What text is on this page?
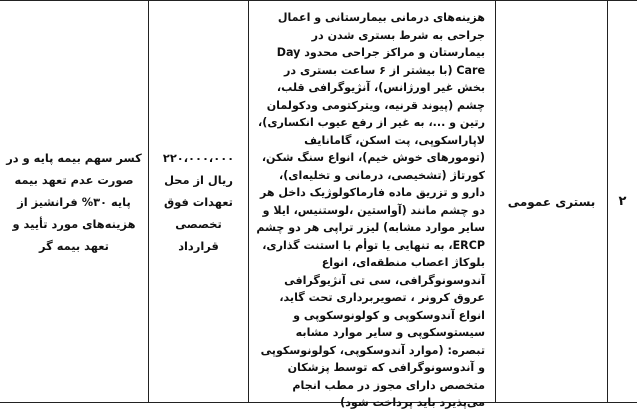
۲
بستری عمومی
هزینه‌های درمانی بیمارستانی و اعمال جراحی به شرط بستری شدن در بیمارستان و مراکز جراحی محدود Day Care (با بیشتر از ۶ ساعت بستری در بخش غیر اورژانس)، آنژیوگرافی قلب، چشم (پیوند قرنیه، ویترکتومی ودکولمان رتین و ...، به غیر از رفع عیوب انکساری)، لاپاراسکوپی، پت اسکن، گامانایف (تومورهای خوش خیم)، انواع سنگ شکن، کورتاژ (تشخیصی، درمانی و تخلیه‌ای)، دارو و تزریق ماده فارماکولوژیک داخل هر دو چشم مانند (آواستین ،لوستنیس، ایلا و سایر موارد مشابه) لیزر تراپی هر دو چشم ERCP، به تنهایی یا توأم با استنت گذاری، بلوکاژ اعصاب منطقه‌ای، انواع آندوسونوگرافی، سی تی آنژیوگرافی عروق کرونر ، تصویربرداری تحت گاید، انواع آندوسکوپی و کولونوسکوپی و سیستوسکوپی و سایر موارد مشابه تبصره: (موارد آندوسکوپی، کولونوسکوپی و آندوسونوگرافی که توسط پزشکان متخصص دارای مجوز در مطب انجام می‌پذیرد باید پرداخت شود)
۲۲۰،۰۰۰،۰۰۰ ریال از محل تعهدات فوق تخصصی قرارداد
کسر سهم بیمه پایه و در صورت عدم تعهد بیمه پایه ۳۰% فرانشیز از هزینه‌های مورد تأیید و تعهد بیمه گر
